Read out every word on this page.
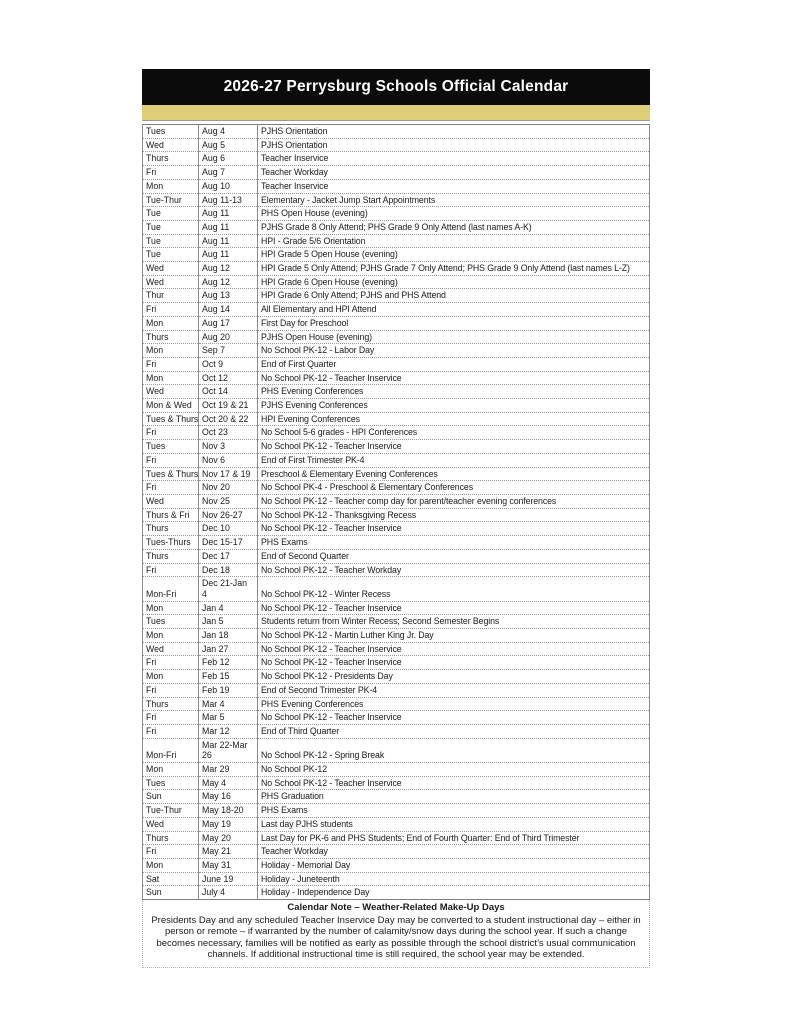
2026-27 Perrysburg Schools Official Calendar
Tues	Aug 4	PJHS Orientation
Wed	Aug 5	PJHS Orientation
Thurs	Aug 6	Teacher Inservice
Fri	Aug 7	Teacher Workday
Mon	Aug 10	Teacher Inservice
Tue-Thur	Aug 11-13	Elementary - Jacket Jump Start Appointments
Tue	Aug 11	PHS Open House (evening)
Tue	Aug 11	PJHS Grade 8 Only Attend; PHS Grade 9 Only Attend (last names A-K)
Tue	Aug 11	HPI - Grade 5/6 Orientation
Tue	Aug 11	HPI Grade 5 Open House (evening)
Wed	Aug 12	HPI Grade 5 Only Attend; PJHS Grade 7 Only Attend; PHS Grade 9 Only Attend (last names L-Z)
Wed	Aug 12	HPI Grade 6 Open House (evening)
Thur	Aug 13	HPI Grade 6 Only Attend; PJHS and PHS Attend
Fri	Aug 14	All Elementary and HPI Attend
Mon	Aug 17	First Day for Preschool
Thurs	Aug 20	PJHS Open House (evening)
Mon	Sep 7	No School PK-12 - Labor Day
Fri	Oct 9	End of First Quarter
Mon	Oct 12	No School PK-12 - Teacher Inservice
Wed	Oct 14	PHS Evening Conferences
Mon & Wed	Oct 19 & 21	PJHS Evening Conferences
Tues & Thurs	Oct 20 & 22	HPI Evening Conferences
Fri	Oct 23	No School 5-6 grades - HPI Conferences
Tues	Nov 3	No School PK-12 - Teacher Inservice
Fri	Nov 6	End of First Trimester PK-4
Tues & Thurs	Nov 17 & 19	Preschool & Elementary Evening Conferences
Fri	Nov 20	No School PK-4 - Preschool & Elementary Conferences
Wed	Nov 25	No School PK-12 - Teacher comp day for parent/teacher evening conferences
Thurs & Fri	Nov 26-27	No School PK-12 - Thanksgiving Recess
Thurs	Dec 10	No School PK-12 - Teacher Inservice
Tues-Thurs	Dec 15-17	PHS Exams
Thurs	Dec 17	End of Second Quarter
Fri	Dec 18	No School PK-12 - Teacher Workday
Mon-Fri	Dec 21-Jan 4	No School PK-12 - Winter Recess
Mon	Jan 4	No School PK-12 - Teacher Inservice
Tues	Jan 5	Students return from Winter Recess; Second Semester Begins
Mon	Jan 18	No School PK-12 - Martin Luther King Jr. Day
Wed	Jan 27	No School PK-12 - Teacher Inservice
Fri	Feb 12	No School PK-12 - Teacher Inservice
Mon	Feb 15	No School PK-12 - Presidents Day
Fri	Feb 19	End of Second Trimester PK-4
Thurs	Mar 4	PHS Evening Conferences
Fri	Mar 5	No School PK-12 - Teacher Inservice
Fri	Mar 12	End of Third Quarter
Mon-Fri	Mar 22-Mar 26	No School PK-12 - Spring Break
Mon	Mar 29	No School PK-12
Tues	May 4	No School PK-12 - Teacher Inservice
Sun	May 16	PHS Graduation
Tue-Thur	May 18-20	PHS Exams
Wed	May 19	Last day PJHS students
Thurs	May 20	Last Day for PK-6 and PHS Students; End of Fourth Quarter: End of Third Trimester
Fri	May 21	Teacher Workday
Mon	May 31	Holiday - Memorial Day
Sat	June 19	Holiday - Juneteenth
Sun	July 4	Holiday - Independence Day
Calendar Note – Weather-Related Make-Up Days
Presidents Day and any scheduled Teacher Inservice Day may be converted to a student instructional day – either in person or remote – if warranted by the number of calamity/snow days during the school year. If such a change becomes necessary, families will be notified as early as possible through the school district’s usual communication channels. If additional instructional time is still required, the school year may be extended.
